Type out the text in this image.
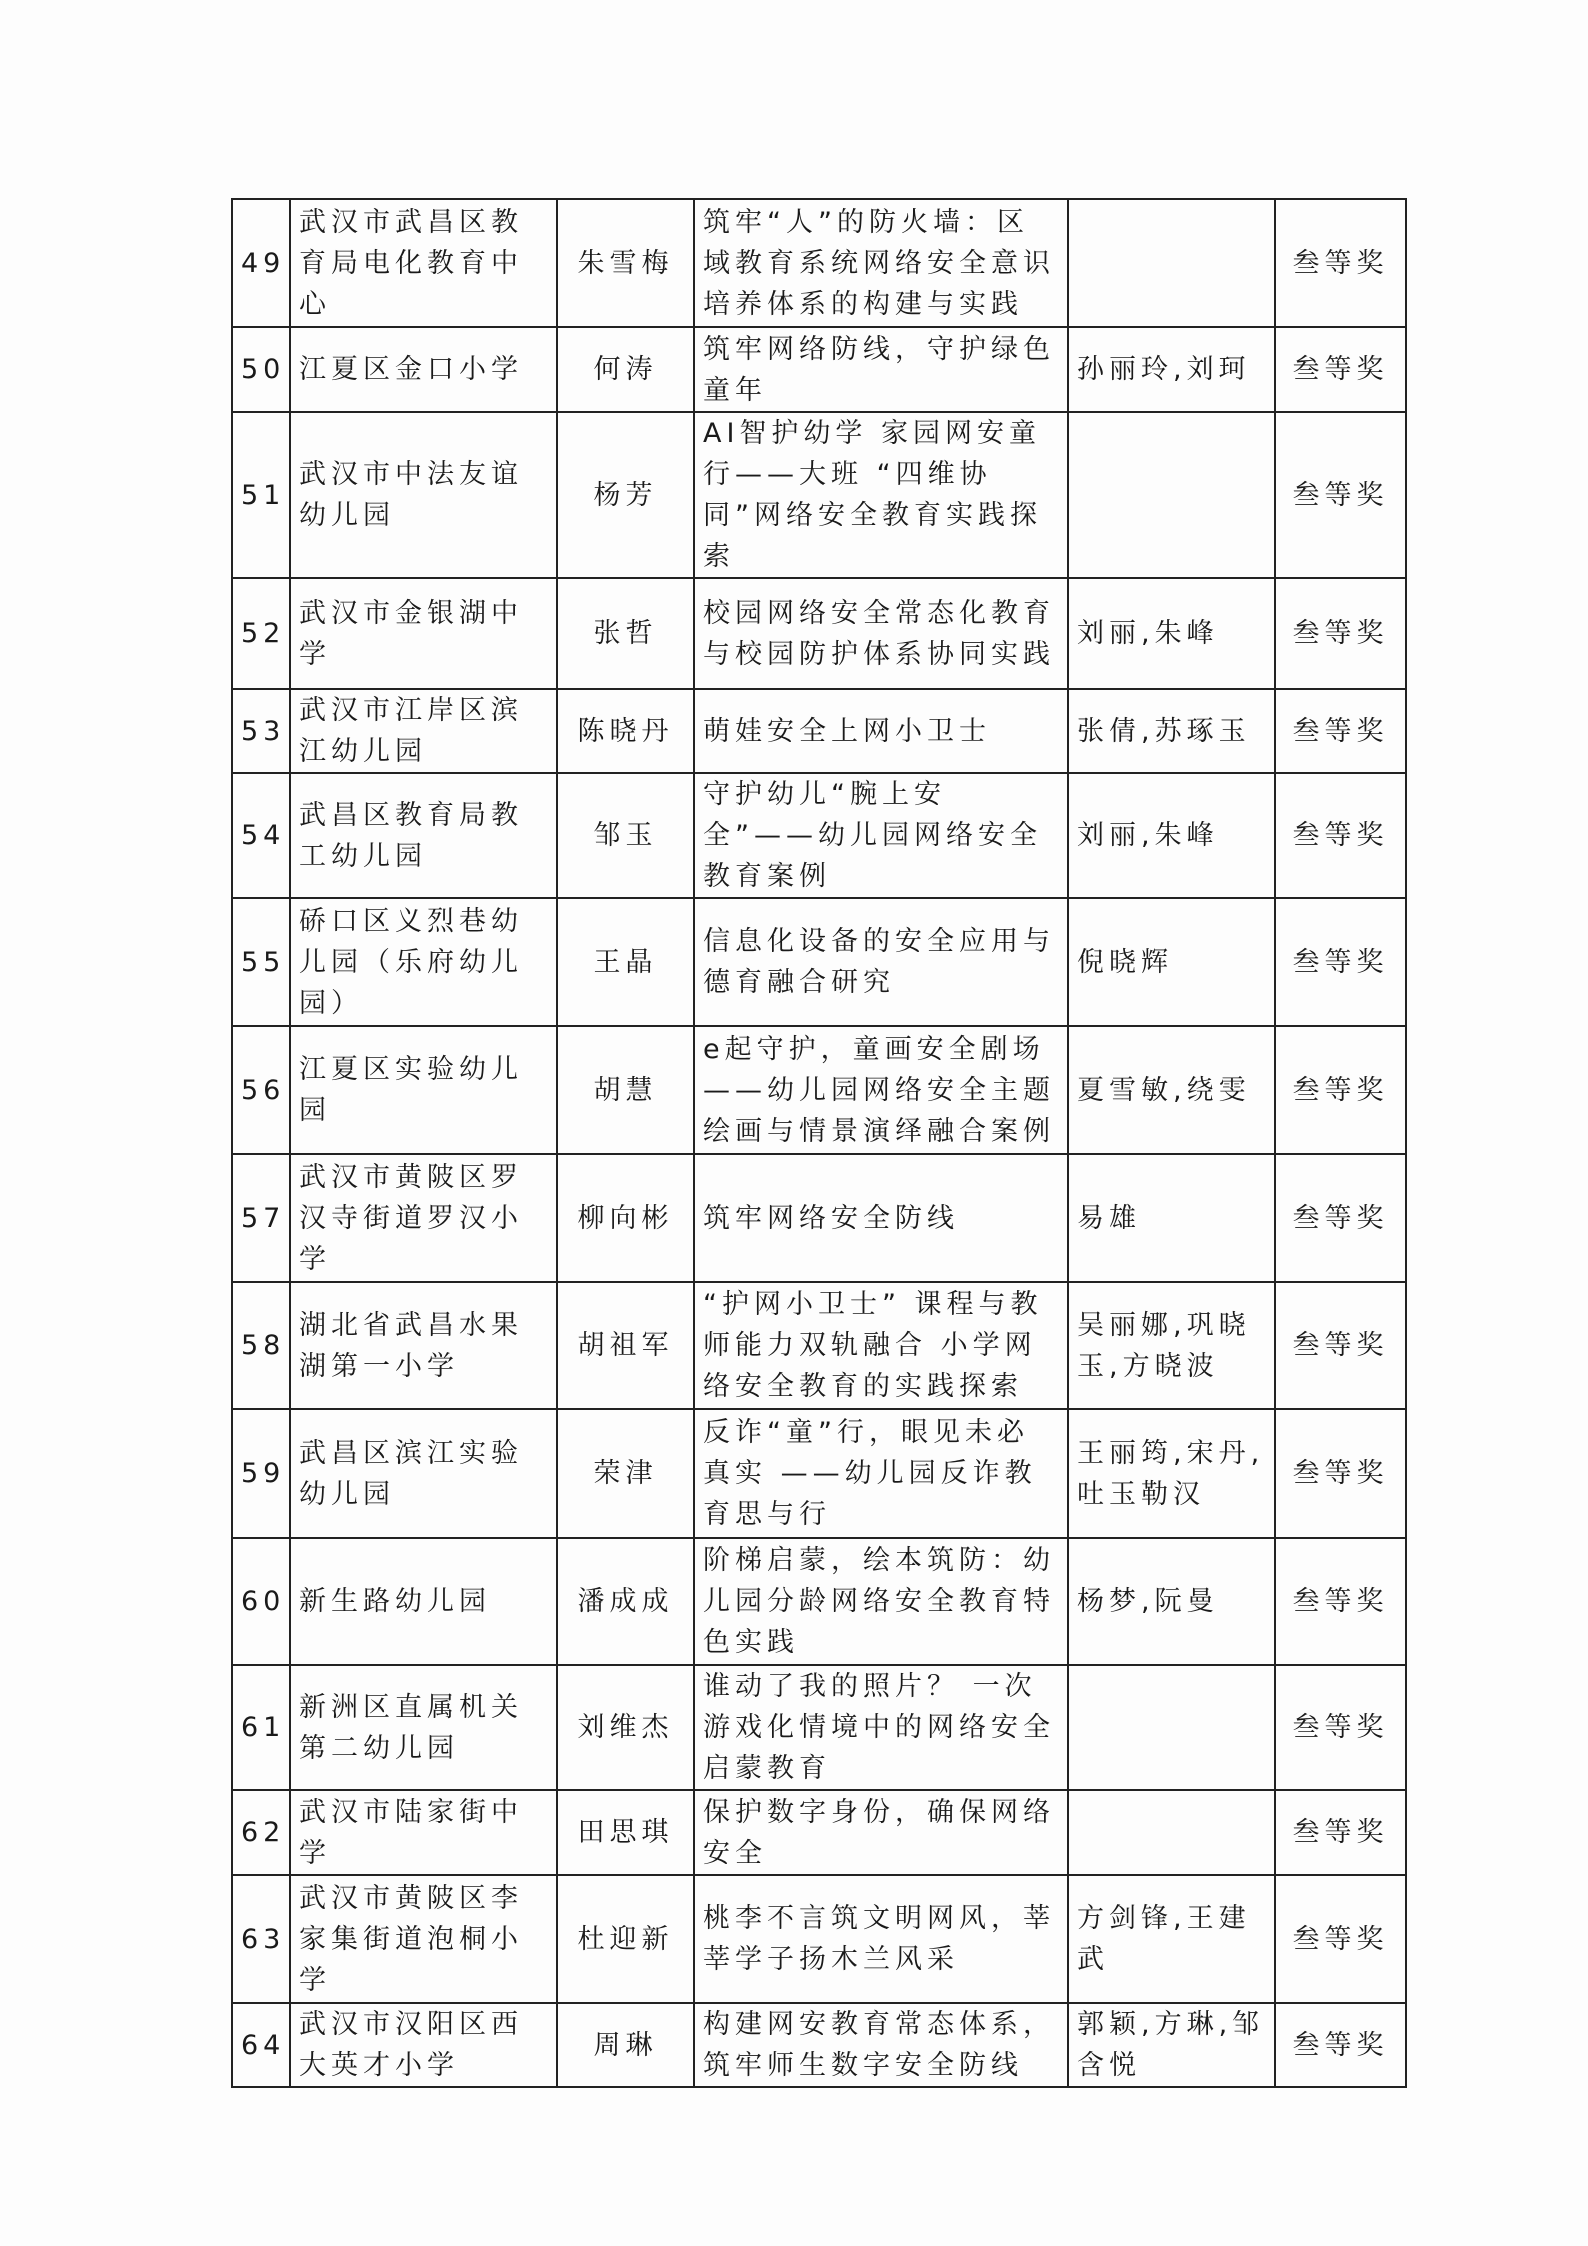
49	武汉市武昌区教育局电化教育中心	朱雪梅	筑牢“人”的防火墙：区域教育系统网络安全意识培养体系的构建与实践		叁等奖
50	江夏区金口小学	何涛	筑牢网络防线，守护绿色童年	孙丽玲,刘珂	叁等奖
51	武汉市中法友谊幼儿园	杨芳	AI智护幼学 家园网安童行——大班 “四维协同”网络安全教育实践探索		叁等奖
52	武汉市金银湖中学	张哲	校园网络安全常态化教育与校园防护体系协同实践	刘丽,朱峰	叁等奖
53	武汉市江岸区滨江幼儿园	陈晓丹	萌娃安全上网小卫士	张倩,苏琢玉	叁等奖
54	武昌区教育局教工幼儿园	邹玉	守护幼儿“腕上安全”——幼儿园网络安全教育案例	刘丽,朱峰	叁等奖
55	硚口区义烈巷幼儿园（乐府幼儿园）	王晶	信息化设备的安全应用与德育融合研究	倪晓辉	叁等奖
56	江夏区实验幼儿园	胡慧	e起守护，童画安全剧场——幼儿园网络安全主题绘画与情景演绎融合案例	夏雪敏,绕雯	叁等奖
57	武汉市黄陂区罗汉寺街道罗汉小学	柳向彬	筑牢网络安全防线	易雄	叁等奖
58	湖北省武昌水果湖第一小学	胡祖军	“护网小卫士” 课程与教师能力双轨融合 小学网络安全教育的实践探索	吴丽娜,巩晓玉,方晓波	叁等奖
59	武昌区滨江实验幼儿园	荣津	反诈“童”行，眼见未必真实 ——幼儿园反诈教育思与行	王丽筠,宋丹,吐玉勒汉	叁等奖
60	新生路幼儿园	潘成成	阶梯启蒙，绘本筑防：幼儿园分龄网络安全教育特色实践	杨梦,阮曼	叁等奖
61	新洲区直属机关第二幼儿园	刘维杰	谁动了我的照片？ 一次游戏化情境中的网络安全启蒙教育		叁等奖
62	武汉市陆家街中学	田思琪	保护数字身份，确保网络安全		叁等奖
63	武汉市黄陂区李家集街道泡桐小学	杜迎新	桃李不言筑文明网风，莘莘学子扬木兰风采	方剑锋,王建武	叁等奖
64	武汉市汉阳区西大英才小学	周琳	构建网安教育常态体系，筑牢师生数字安全防线	郭颖,方琳,邹含悦	叁等奖
